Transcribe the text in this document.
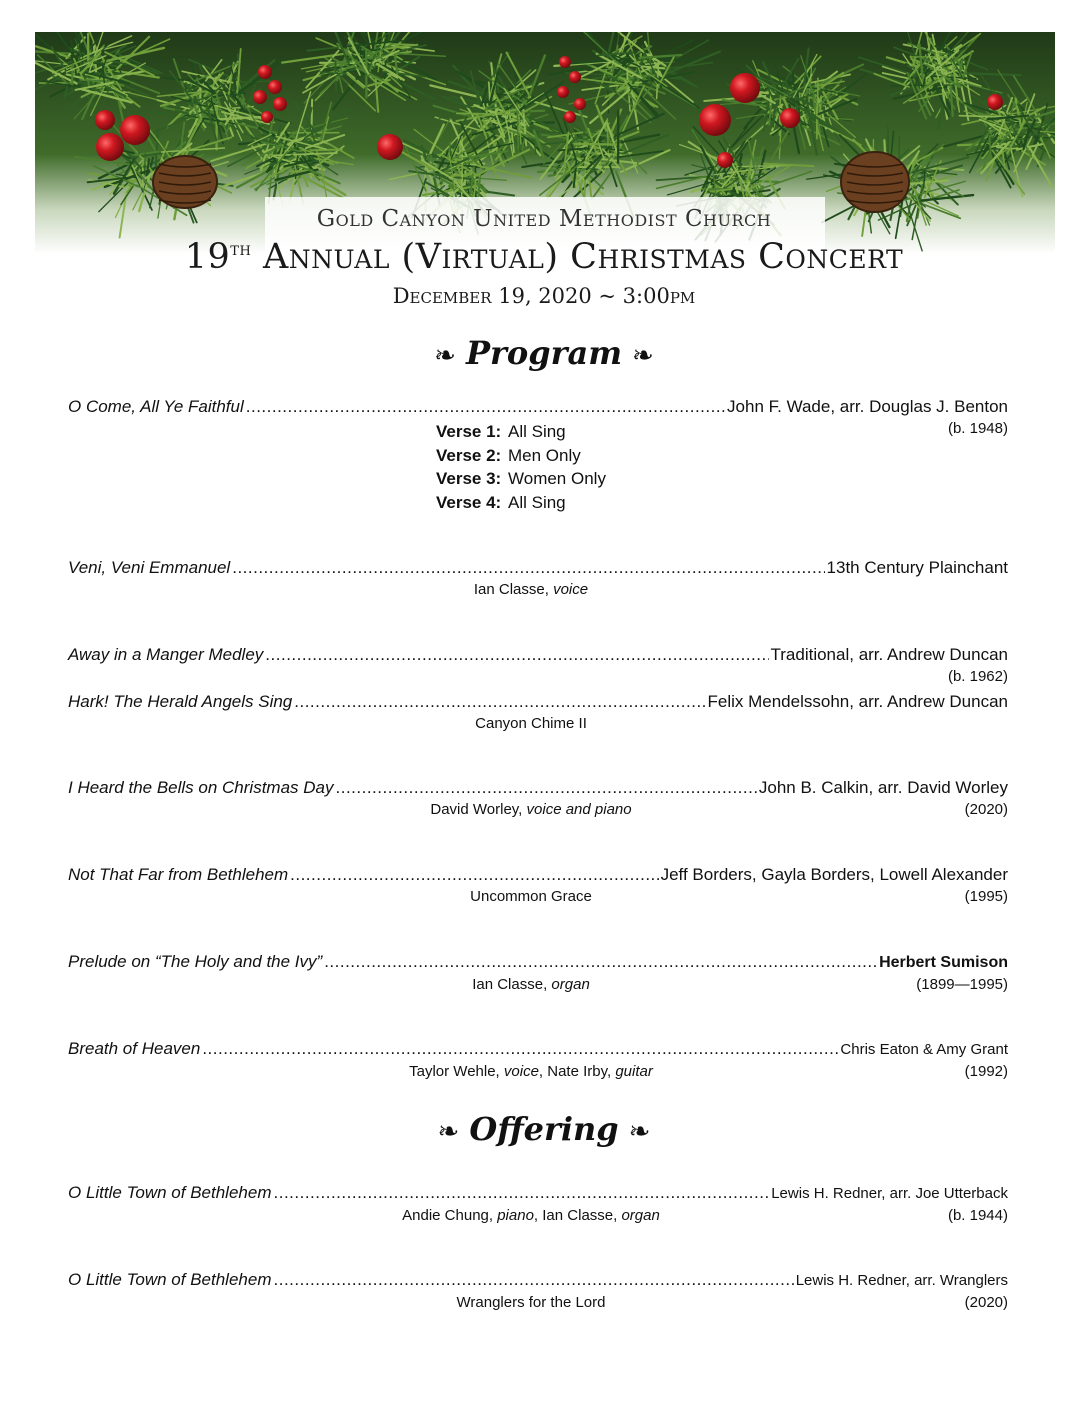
Gold Canyon United Methodist Church
19th Annual (Virtual) Christmas Concert
December 19, 2020 ~ 3:00pm
❧ Program ❧
O Come, All Ye Faithful .....	John F. Wade, arr. Douglas J. Benton
(b. 1948)
Verse 1: All Sing
Verse 2: Men Only
Verse 3: Women Only
Verse 4: All Sing
Veni, Veni Emmanuel .....	13th Century Plainchant
Ian Classe, voice
Away in a Manger Medley .....	Traditional, arr. Andrew Duncan
(b. 1962)
Hark! The Herald Angels Sing .....	Felix Mendelssohn, arr. Andrew Duncan
Canyon Chime II
I Heard the Bells on Christmas Day .....	John B. Calkin, arr. David Worley
David Worley, voice and piano	(2020)
Not That Far from Bethlehem .....	Jeff Borders, Gayla Borders, Lowell Alexander
Uncommon Grace	(1995)
Prelude on “The Holy and the Ivy” .....	Herbert Sumison
Ian Classe, organ	(1899—1995)
Breath of Heaven .....	Chris Eaton & Amy Grant
Taylor Wehle, voice, Nate Irby, guitar	(1992)
❧ Offering ❧
O Little Town of Bethlehem .....	Lewis H. Redner, arr. Joe Utterback
Andie Chung, piano, Ian Classe, organ	(b. 1944)
O Little Town of Bethlehem .....	Lewis H. Redner, arr. Wranglers
Wranglers for the Lord	(2020)
